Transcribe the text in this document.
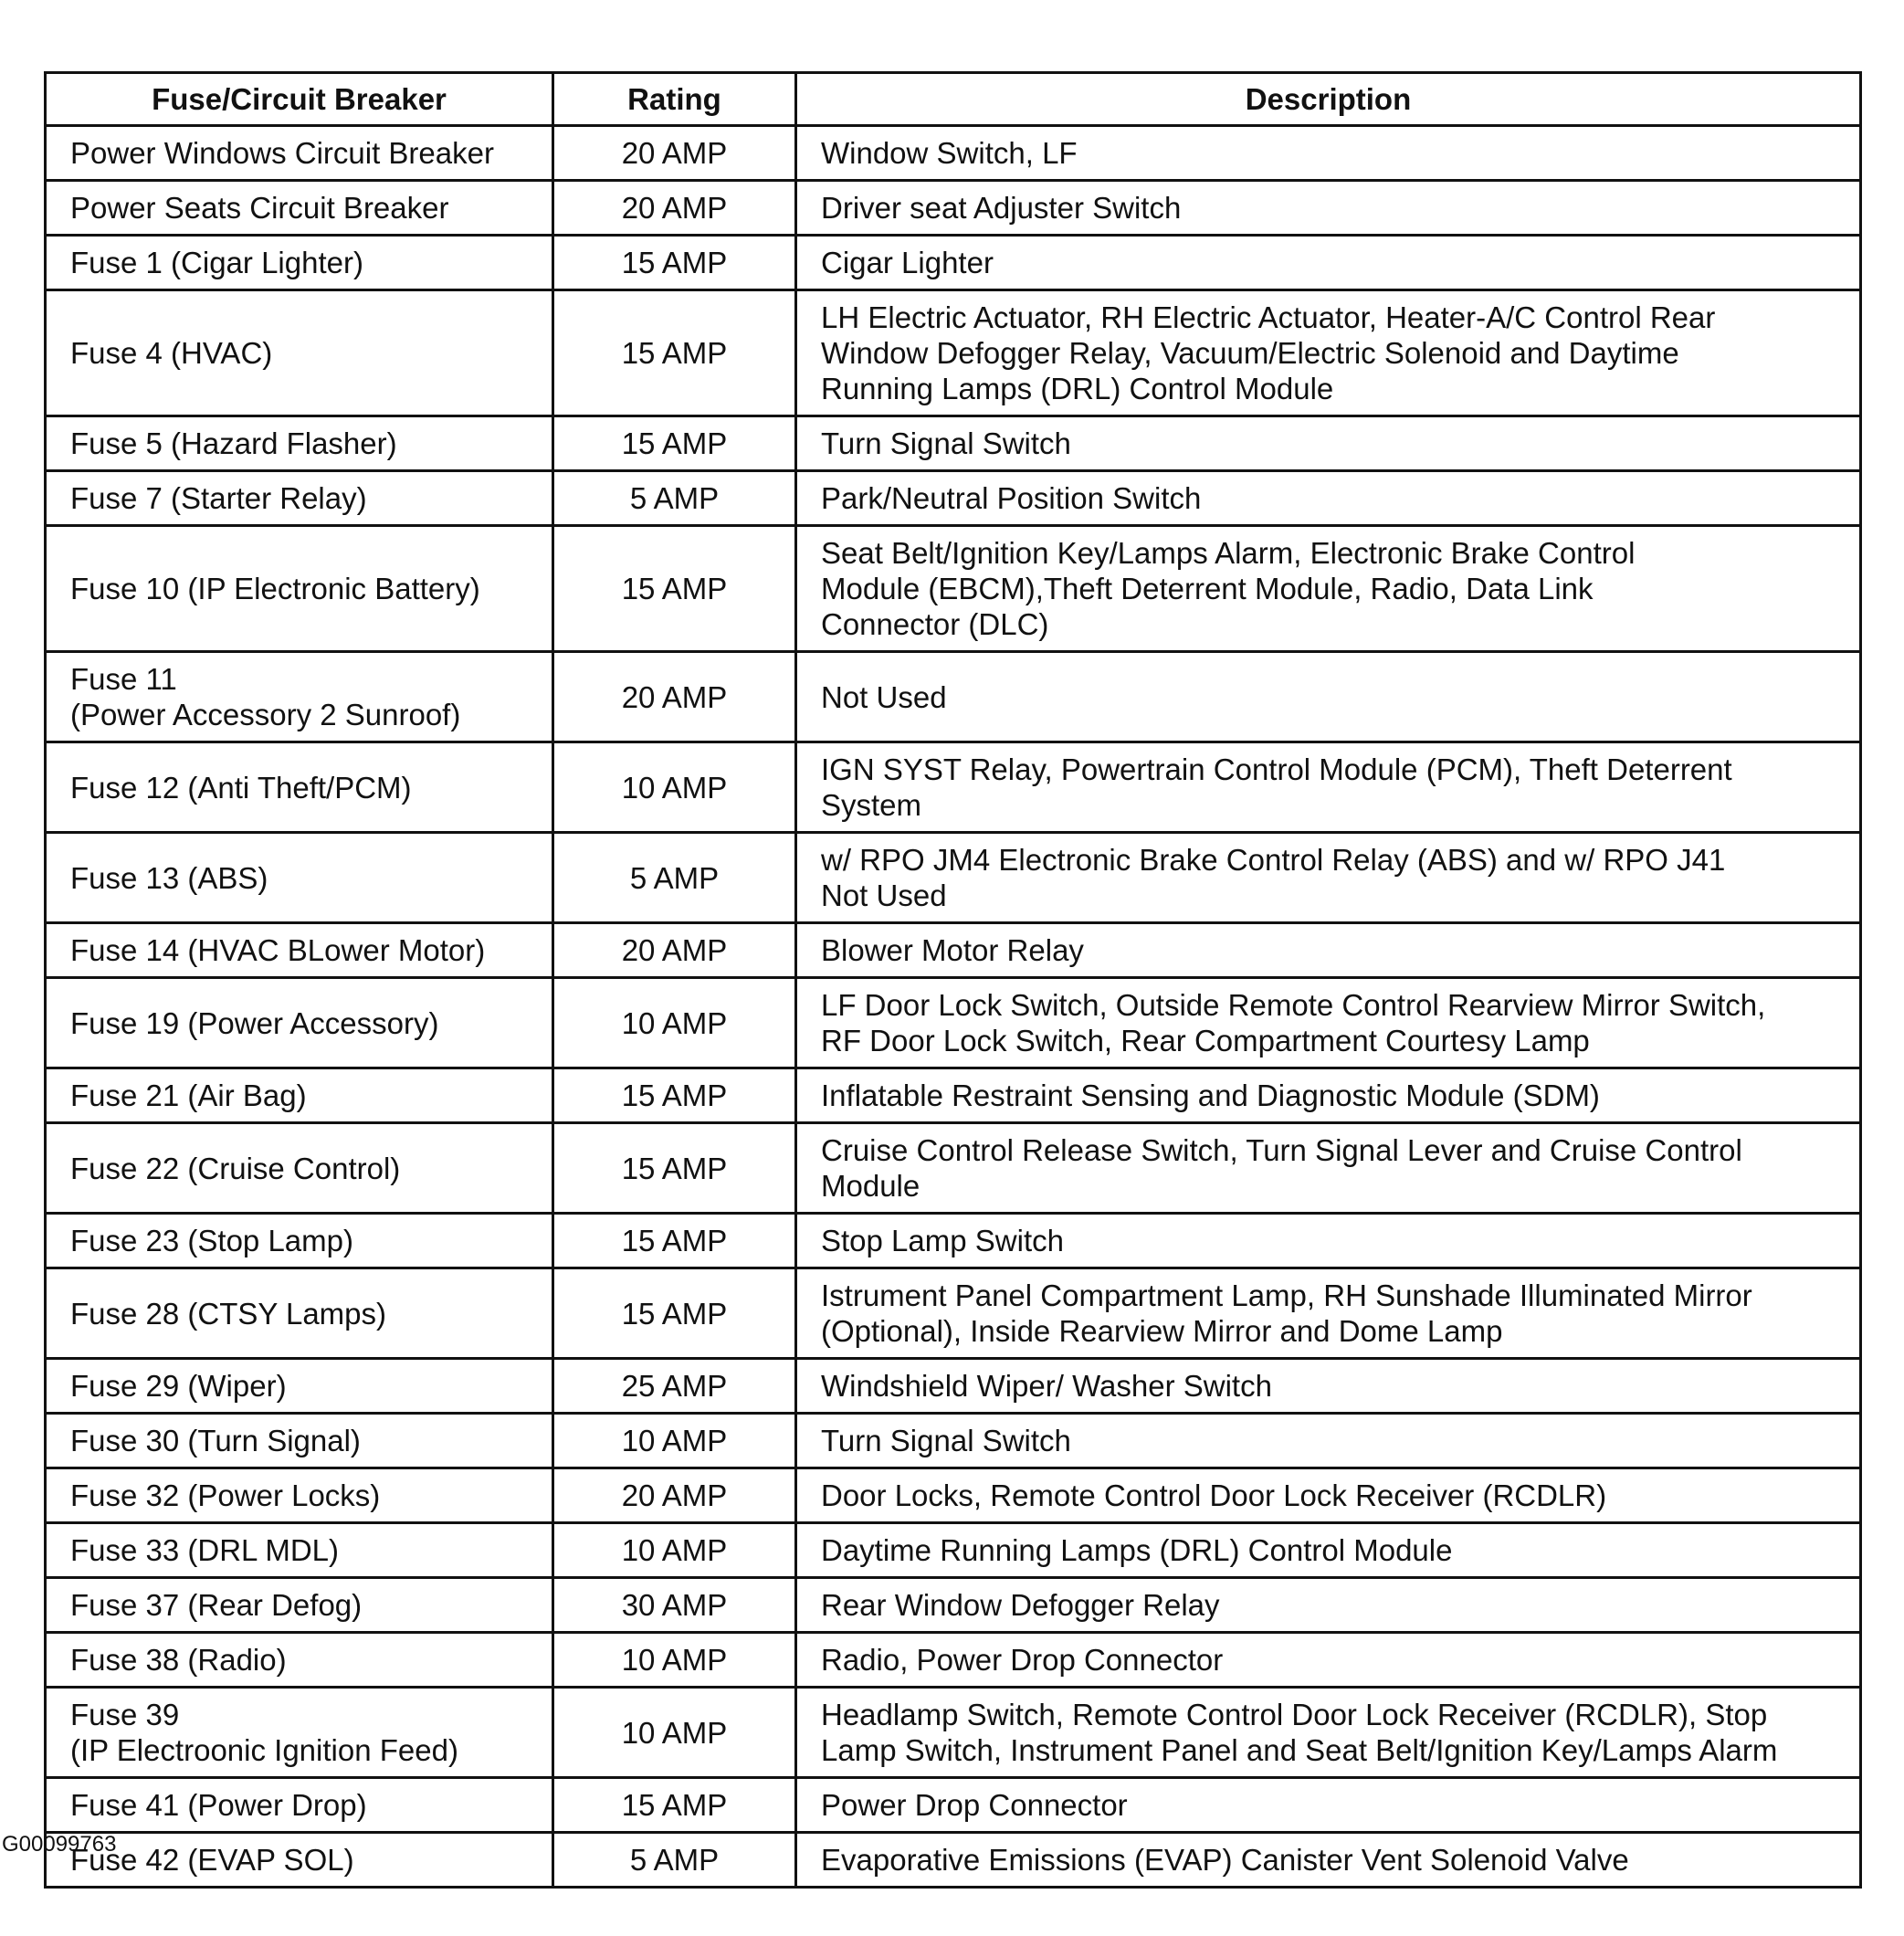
Fuse/Circuit Breaker	Rating	Description

Power Windows Circuit Breaker	20 AMP	Window Switch, LF

Power Seats Circuit Breaker	20 AMP	Driver seat Adjuster Switch

Fuse 1 (Cigar Lighter)	15 AMP	Cigar Lighter

Fuse 4 (HVAC)	15 AMP	LH Electric Actuator, RH Electric Actuator, Heater-A/C Control Rear
Window Defogger Relay, Vacuum/Electric Solenoid and Daytime
Running Lamps (DRL) Control Module

Fuse 5 (Hazard Flasher)	15 AMP	Turn Signal Switch

Fuse 7 (Starter Relay)	5 AMP	Park/Neutral Position Switch

Fuse 10 (IP Electronic Battery)	15 AMP	Seat Belt/Ignition Key/Lamps Alarm, Electronic Brake Control
Module (EBCM),Theft Deterrent Module, Radio, Data Link
Connector (DLC)

Fuse 11
(Power Accessory 2 Sunroof)	20 AMP	Not Used

Fuse 12 (Anti Theft/PCM)	10 AMP	IGN SYST Relay, Powertrain Control Module (PCM), Theft Deterrent
System

Fuse 13 (ABS)	5 AMP	w/ RPO JM4 Electronic Brake Control Relay (ABS) and w/ RPO J41
Not Used

Fuse 14 (HVAC BLower Motor)	20 AMP	Blower Motor Relay

Fuse 19 (Power Accessory)	10 AMP	LF Door Lock Switch, Outside Remote Control Rearview Mirror Switch,
RF Door Lock Switch, Rear Compartment Courtesy Lamp

Fuse 21 (Air Bag)	15 AMP	Inflatable Restraint Sensing and Diagnostic Module (SDM)

Fuse 22 (Cruise Control)	15 AMP	Cruise Control Release Switch, Turn Signal Lever and Cruise Control
Module

Fuse 23 (Stop Lamp)	15 AMP	Stop Lamp Switch

Fuse 28 (CTSY Lamps)	15 AMP	Istrument Panel Compartment Lamp, RH Sunshade Illuminated Mirror
(Optional), Inside Rearview Mirror and Dome Lamp

Fuse 29 (Wiper)	25 AMP	Windshield Wiper/ Washer Switch

Fuse 30 (Turn Signal)	10 AMP	Turn Signal Switch

Fuse 32 (Power Locks)	20 AMP	Door Locks, Remote Control Door Lock Receiver (RCDLR)

Fuse 33 (DRL MDL)	10 AMP	Daytime Running Lamps (DRL) Control Module

Fuse 37 (Rear Defog)	30 AMP	Rear Window Defogger Relay

Fuse 38 (Radio)	10 AMP	Radio, Power Drop Connector

Fuse 39
(IP Electroonic Ignition Feed)	10 AMP	Headlamp Switch, Remote Control Door Lock Receiver (RCDLR), Stop
Lamp Switch, Instrument Panel and Seat Belt/Ignition Key/Lamps Alarm

Fuse 41 (Power Drop)	15 AMP	Power Drop Connector

Fuse 42 (EVAP SOL)	5 AMP	Evaporative Emissions (EVAP) Canister Vent Solenoid Valve
G00099763
